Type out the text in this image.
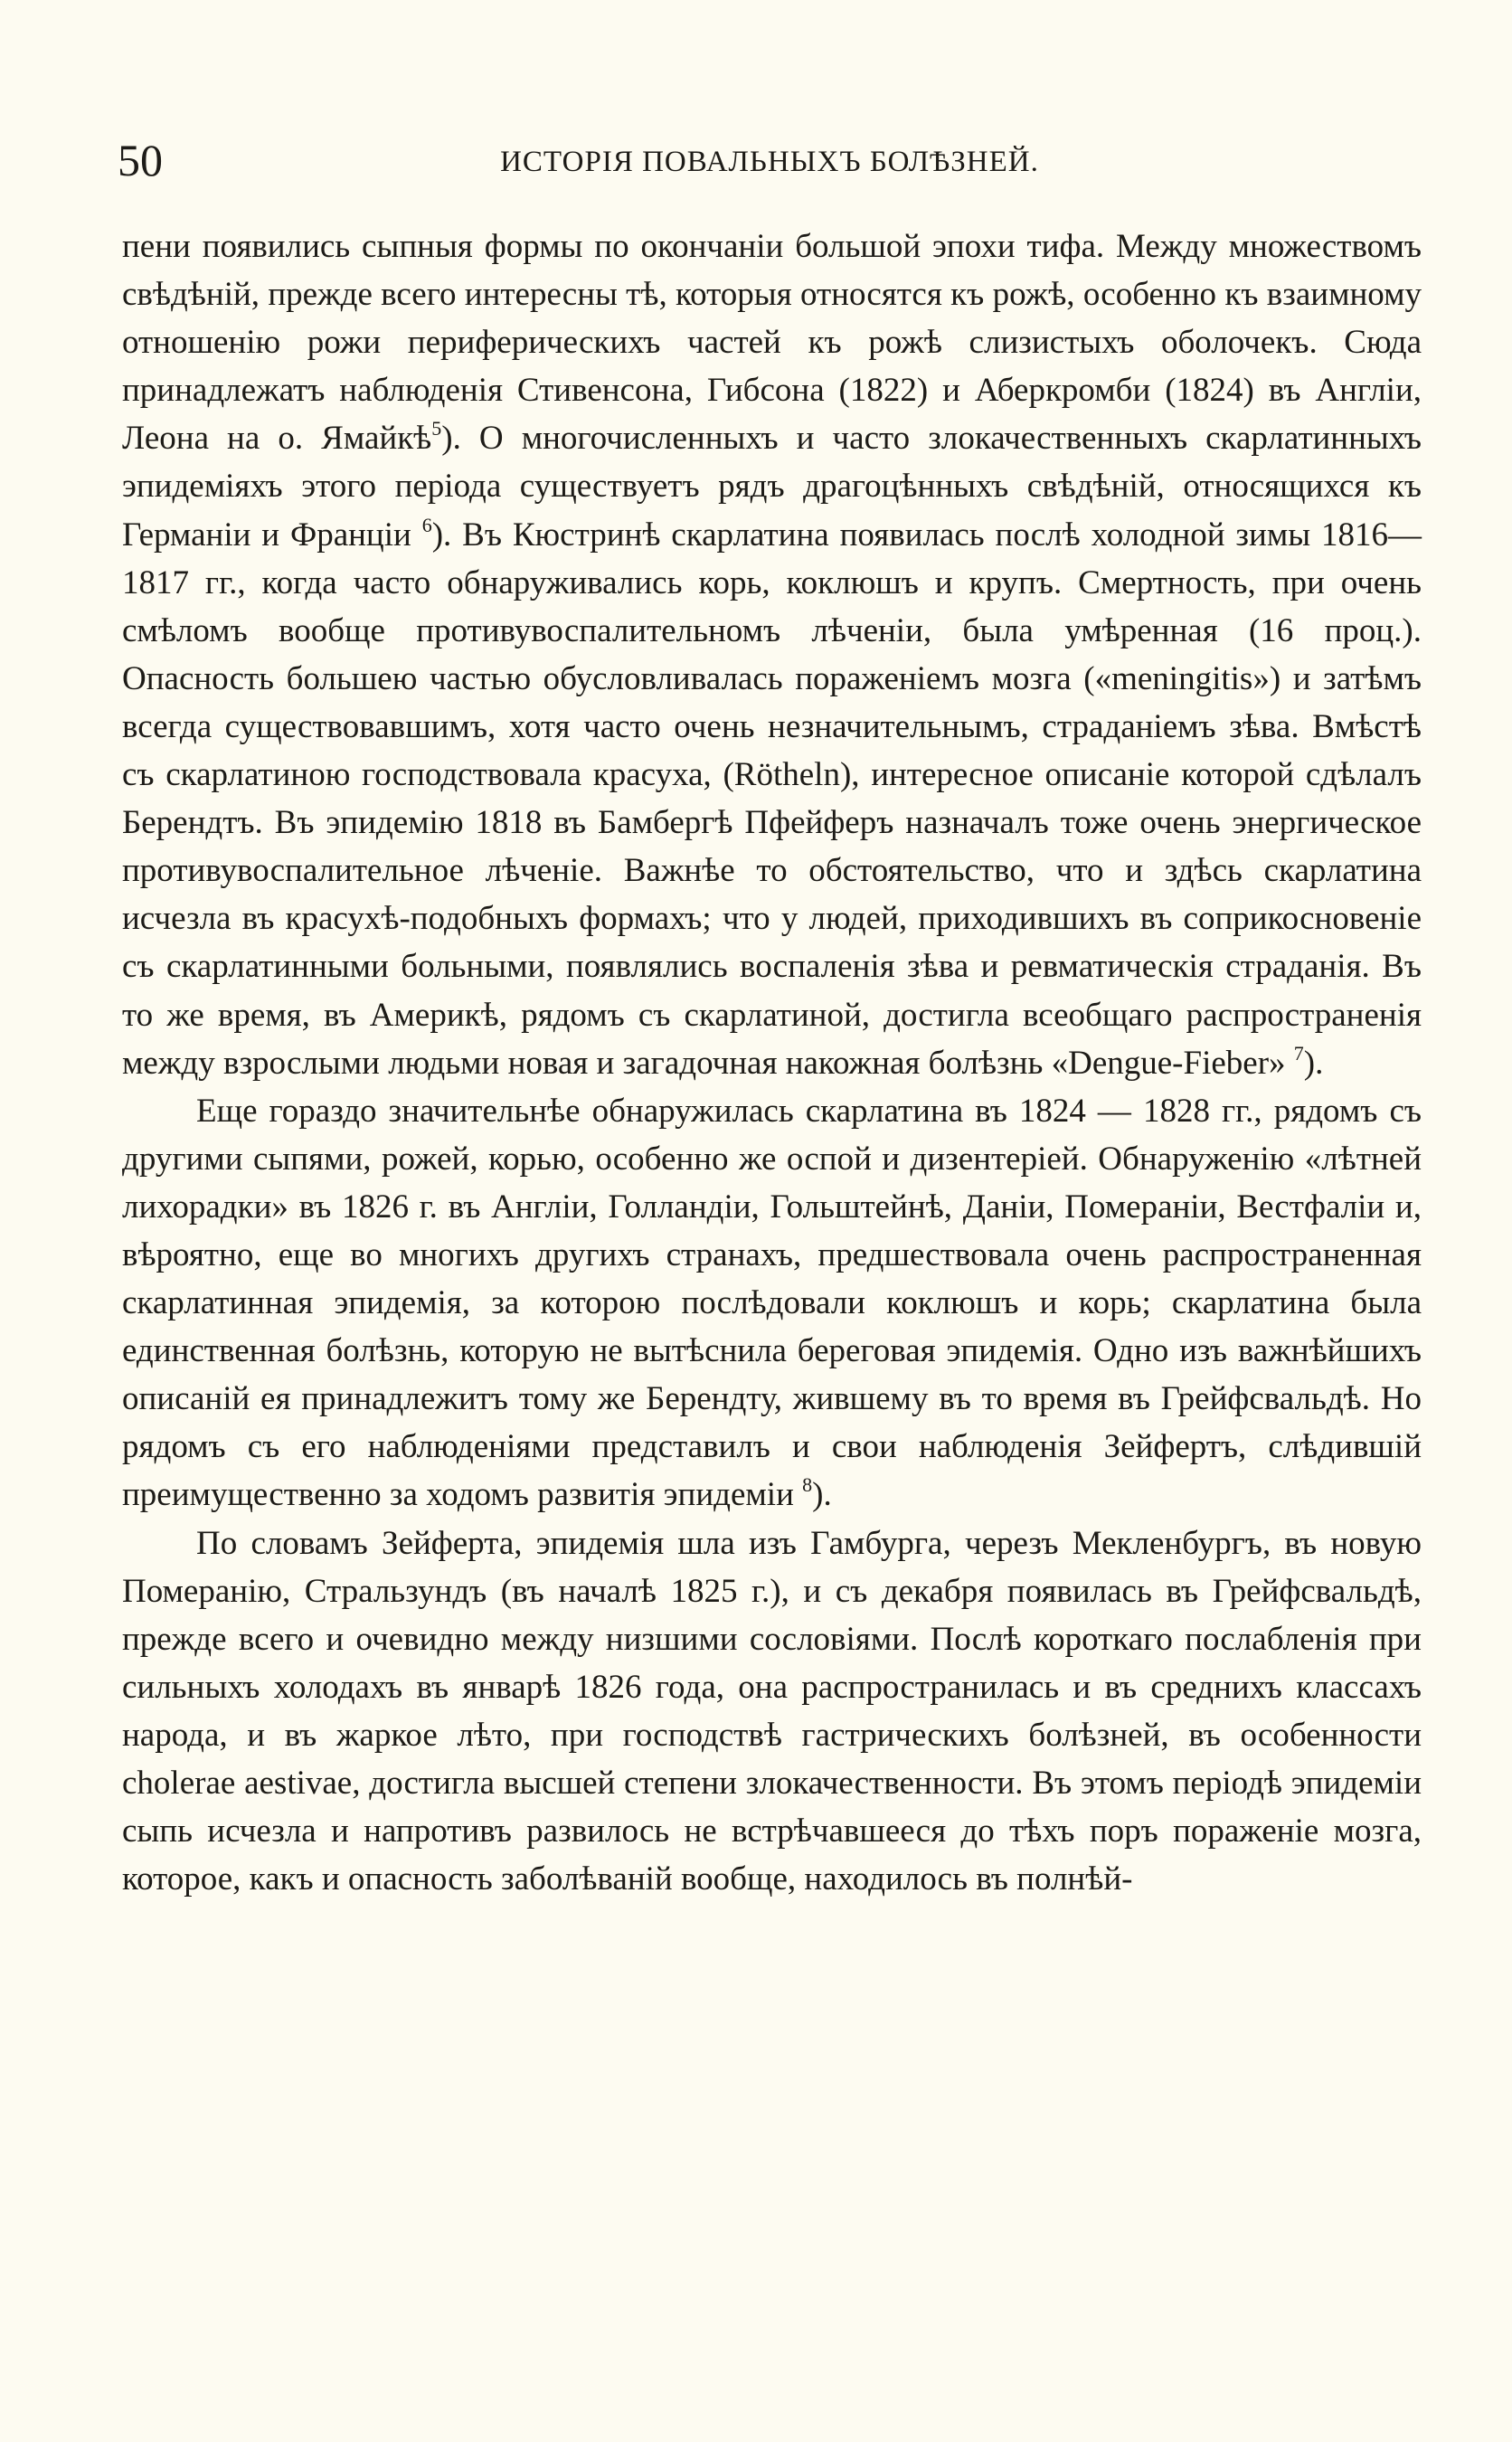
50	ИСТОРІЯ ПОВАЛЬНЫХЪ БОЛѢЗНЕЙ.

пени появились сыпныя формы по окончаніи большой эпохи тифа. Между множествомъ свѣдѣній, прежде всего интересны тѣ, которыя относятся къ рожѣ, особенно къ взаимному отношенію рожи периферическихъ частей къ рожѣ слизистыхъ оболочекъ. Сюда принадлежатъ наблюденія Стивенсона, Гибсона (1822) и Аберкромби (1824) въ Англіи, Леона на о. Ямайкѣ$^5$). О многочисленныхъ и часто злокачественныхъ скарлатинныхъ эпидеміяхъ этого періода существуетъ рядъ драгоцѣнныхъ свѣдѣній, относящихся къ Германіи и Франціи $^6$). Въ Кюстринѣ скарлатина появилась послѣ холодной зимы 1816—1817 гг., когда часто обнаруживались корь, коклюшъ и крупъ. Смертность, при очень смѣломъ вообще противувоспалительномъ лѣченіи, была умѣренная (16 проц.). Опасность большею частью обусловливалась пораженіемъ мозга («meningitis») и затѣмъ всегда существовавшимъ, хотя часто очень незначительнымъ, страданіемъ зѣва. Вмѣстѣ съ скарлатиною господствовала красуха, (Rötheln), интересное описаніе которой сдѣлалъ Берендтъ. Въ эпидемію 1818 въ Бамбергѣ Пфейферъ назначалъ тоже очень энергическое противувоспалительное лѣченіе. Важнѣе то обстоятельство, что и здѣсь скарлатина исчезла въ красухѣ-подобныхъ формахъ; что у людей, приходившихъ въ соприкосновеніе съ скарлатинными больными, появлялись воспаленія зѣва и ревматическія страданія. Въ то же время, въ Америкѣ, рядомъ съ скарлатиной, достигла всеобщаго распространенія между взрослыми людьми новая и загадочная накожная болѣзнь «Dengue-Fieber» $^7$).

Еще гораздо значительнѣе обнаружилась скарлатина въ 1824 — 1828 гг., рядомъ съ другими сыпями, рожей, корью, особенно же оспой и дизентеріей. Обнаруженію «лѣтней лихорадки» въ 1826 г. въ Англіи, Голландіи, Гольштейнѣ, Даніи, Помераніи, Вестфаліи и, вѣроятно, еще во многихъ другихъ странахъ, предшествовала очень распространенная скарлатинная эпидемія, за которою послѣдовали коклюшъ и корь; скарлатина была единственная болѣзнь, которую не вытѣснила береговая эпидемія. Одно изъ важнѣйшихъ описаній ея принадлежитъ тому же Берендту, жившему въ то время въ Грейфсвальдѣ. Но рядомъ съ его наблюденіями представилъ и свои наблюденія Зейфертъ, слѣдившій преимущественно за ходомъ развитія эпидеміи $^8$).

По словамъ Зейферта, эпидемія шла изъ Гамбурга, черезъ Мекленбургъ, въ новую Померанію, Стральзундъ (въ началѣ 1825 г.), и съ декабря появилась въ Грейфсвальдѣ, прежде всего и очевидно между низшими сословіями. Послѣ короткаго послабленія при сильныхъ холодахъ въ январѣ 1826 года, она распространилась и въ среднихъ классахъ народа, и въ жаркое лѣто, при господствѣ гастрическихъ болѣзней, въ особенности cholerae aestivae, достигла высшей степени злокачественности. Въ этомъ періодѣ эпидеміи сыпь исчезла и напротивъ развилось не встрѣчавшееся до тѣхъ поръ пораженіе мозга, которое, какъ и опасность заболѣваній вообще, находилось въ полнѣй-
